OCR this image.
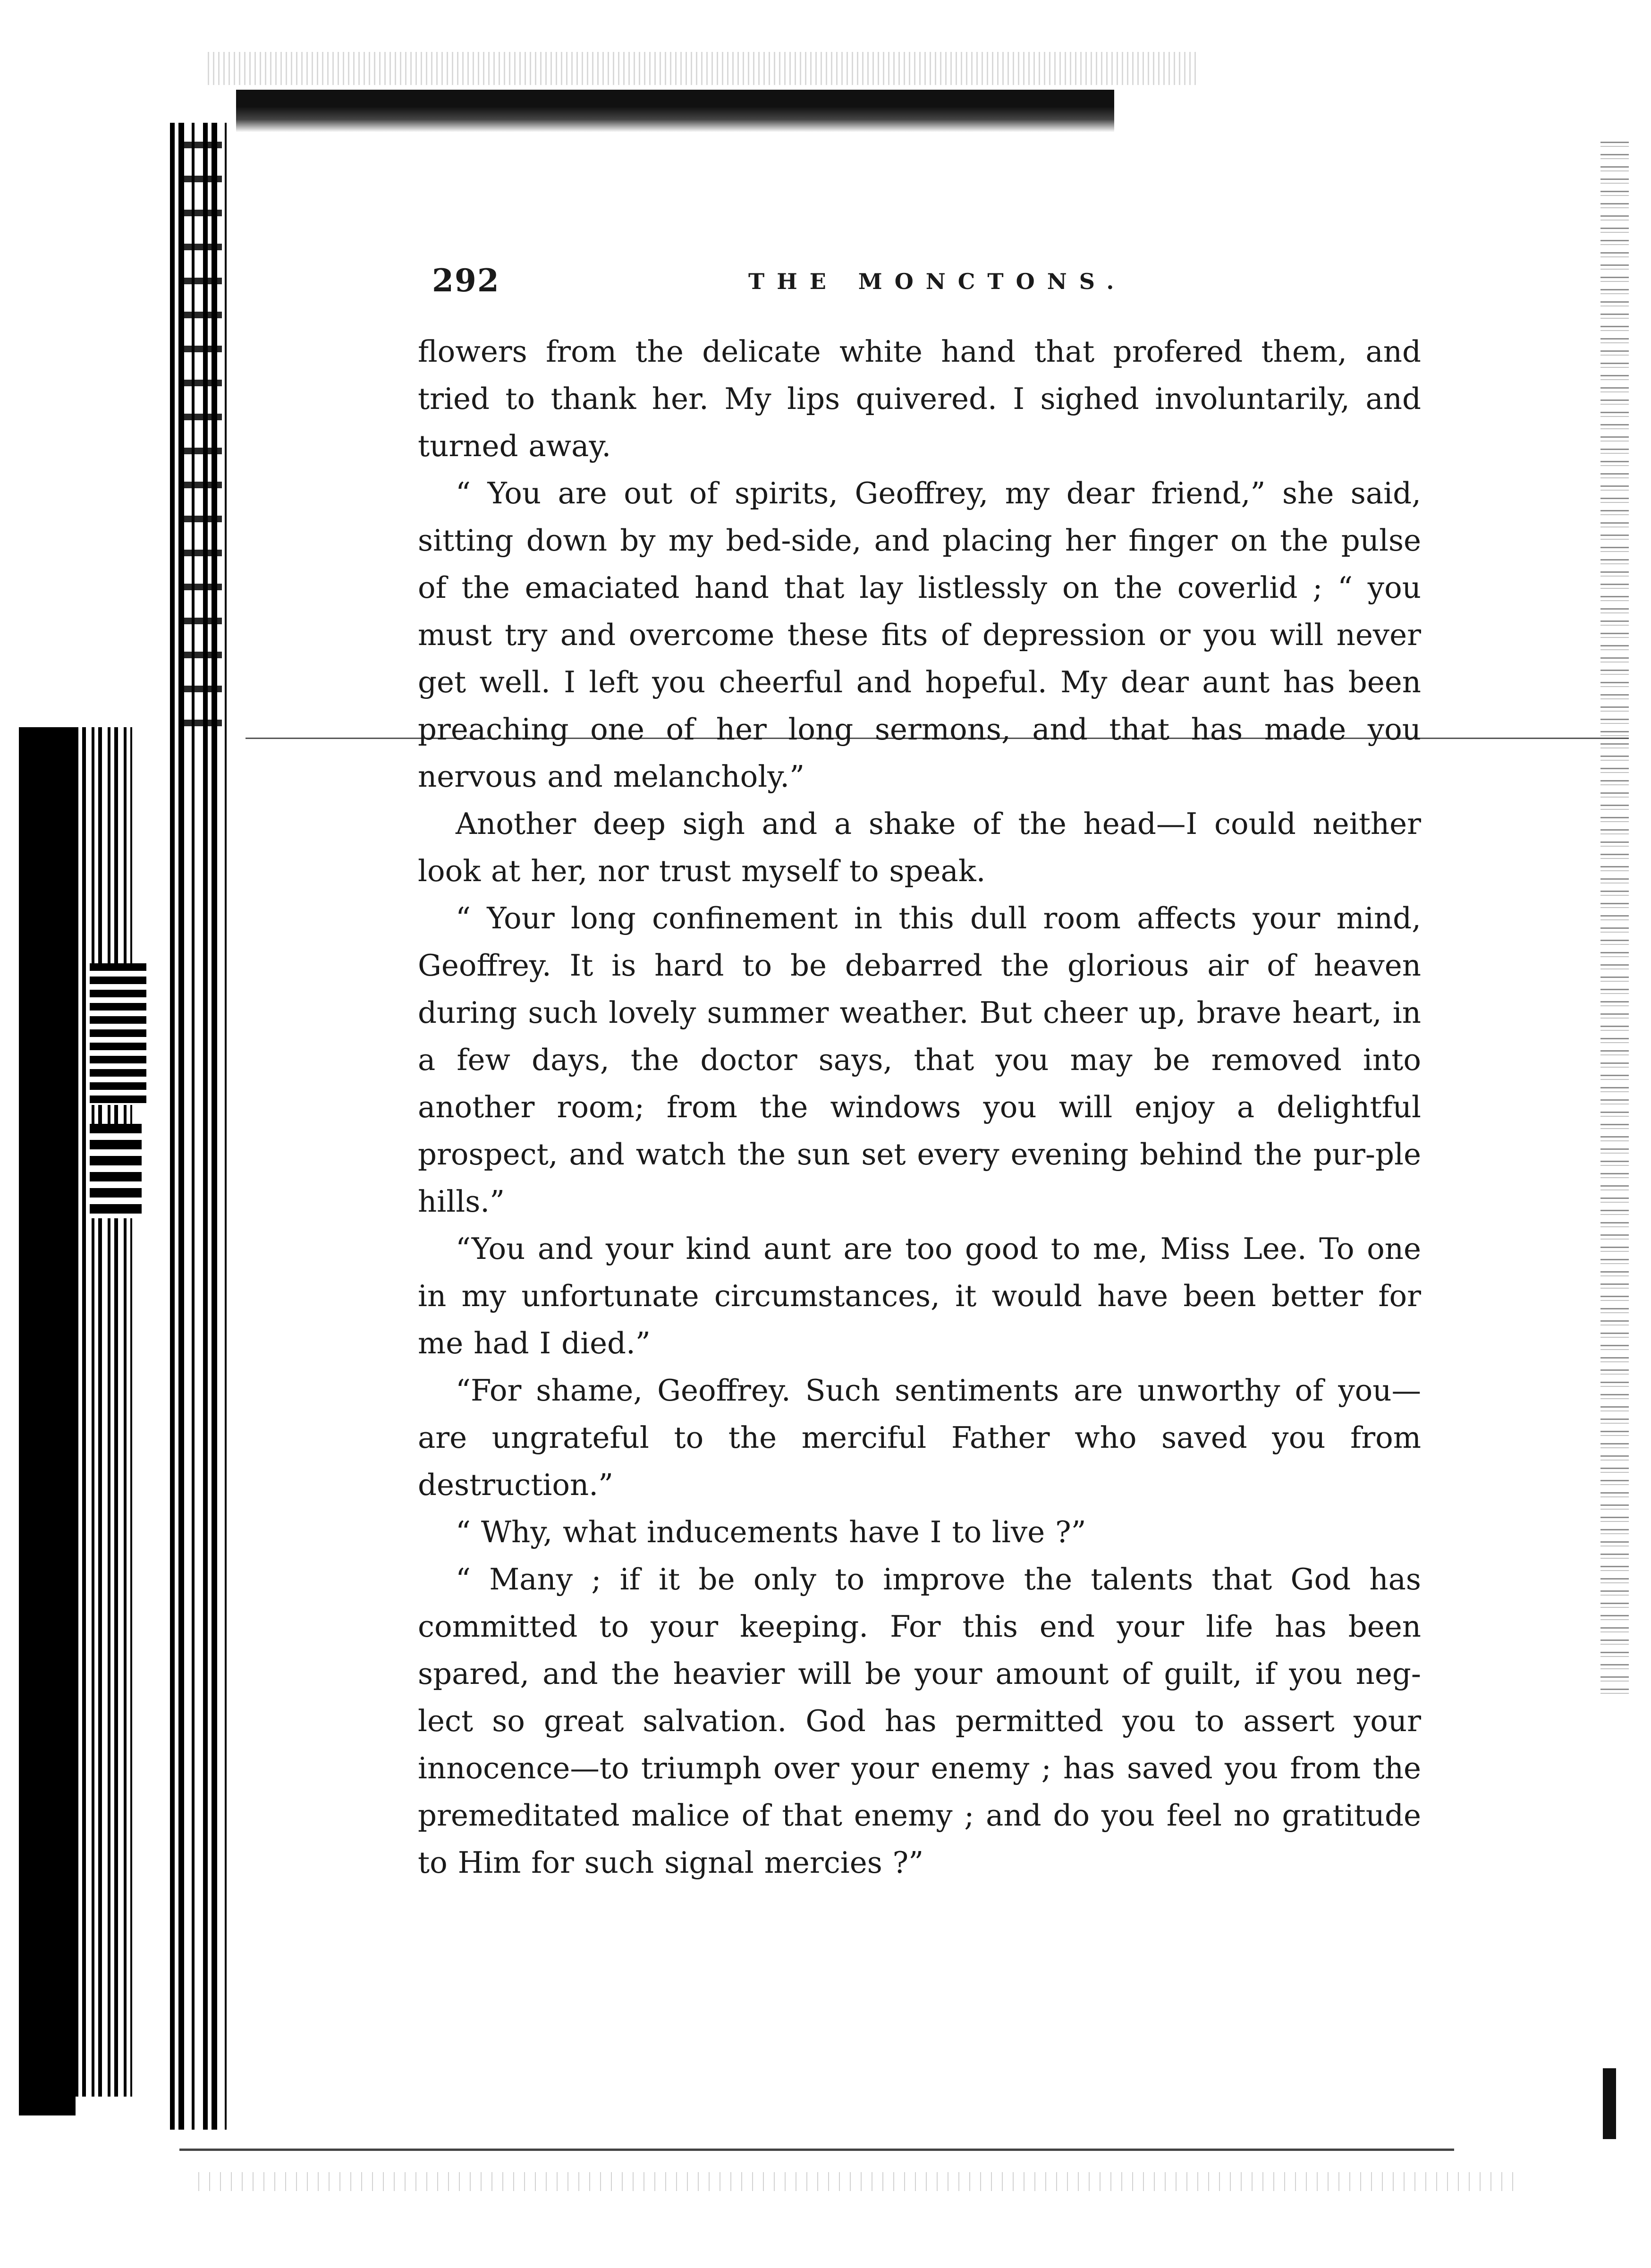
292	THE MONCTONS.

flowers from the delicate white hand that profered them, and tried to thank her. My lips quivered. I sighed involuntarily, and turned away.

“ You are out of spirits, Geoffrey, my dear friend,” she said, sitting down by my bed-side, and placing her finger on the pulse of the emaciated hand that lay listlessly on the coverlid ; “ you must try and overcome these fits of depression or you will never get well. I left you cheerful and hopeful. My dear aunt has been preaching one of her long sermons, and that has made you nervous and melancholy.”

Another deep sigh and a shake of the head—I could neither look at her, nor trust myself to speak.

“ Your long confinement in this dull room affects your mind, Geoffrey. It is hard to be debarred the glorious air of heaven during such lovely summer weather. But cheer up, brave heart, in a few days, the doctor says, that you may be removed into another room; from the windows you will enjoy a delightful prospect, and watch the sun set every evening behind the pur-ple hills.”

“You and your kind aunt are too good to me, Miss Lee. To one in my unfortunate circumstances, it would have been better for me had I died.”

“For shame, Geoffrey. Such sentiments are unworthy of you—are ungrateful to the merciful Father who saved you from destruction.”

“ Why, what inducements have I to live ?”

“ Many ; if it be only to improve the talents that God has committed to your keeping. For this end your life has been spared, and the heavier will be your amount of guilt, if you neg-lect so great salvation. God has permitted you to assert your innocence—to triumph over your enemy ; has saved you from the premeditated malice of that enemy ; and do you feel no gratitude to Him for such signal mercies ?”
